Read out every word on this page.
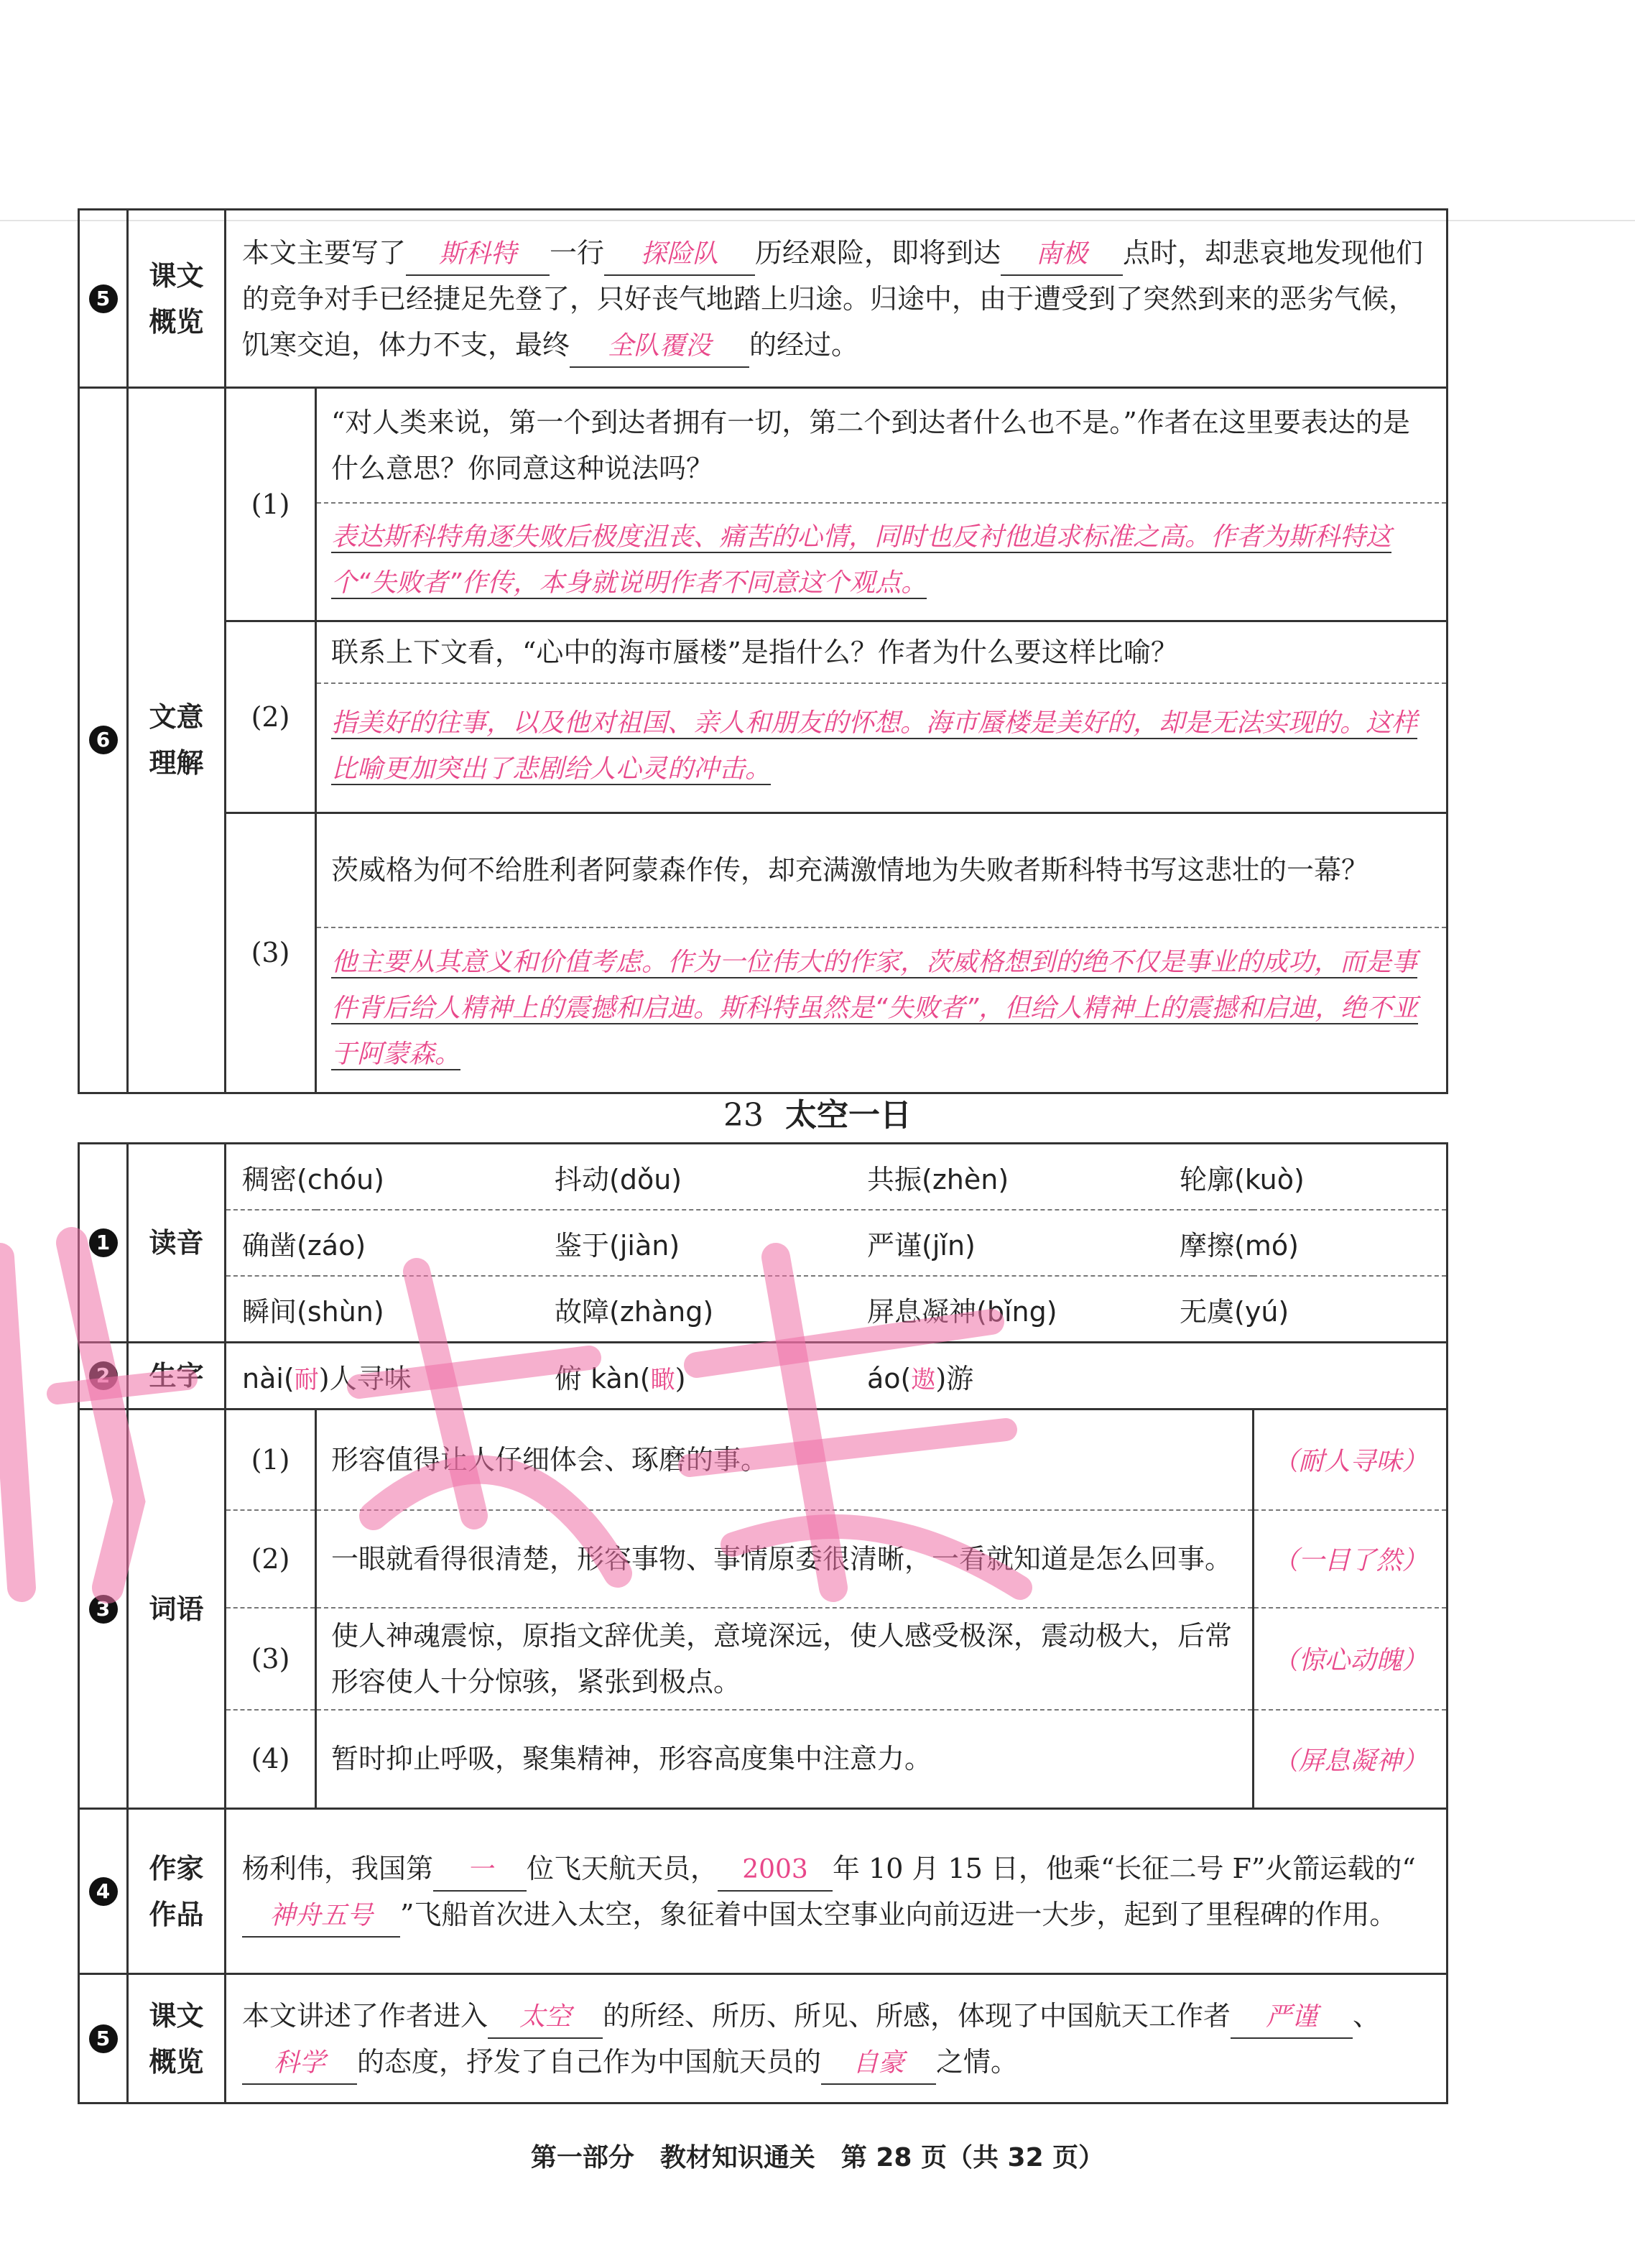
5	课文概览	本文主要写了 斯科特 一行 探险队 历经艰险，即将到达 南极 点时，却悲哀地发现他们的竞争对手已经捷足先登了，只好丧气地踏上归途。归途中，由于遭受到了突然到来的恶劣气候，饥寒交迫，体力不支，最终 全队覆没 的经过。	
6	文意理解	(1)	“对人类来说，第一个到达者拥有一切，第二个到达者什么也不是。”作者在这里要表达的是什么意思？你同意这种说法吗？
			表达斯科特角逐失败后极度沮丧、痛苦的心情，同时也反衬他追求标准之高。作者为斯科特这个“失败者”作传，本身就说明作者不同意这个观点。
		(2)	联系上下文看，“心中的海市蜃楼”是指什么？作者为什么要这样比喻？
			指美好的往事，以及他对祖国、亲人和朋友的怀想。海市蜃楼是美好的，却是无法实现的。这样比喻更加突出了悲剧给人心灵的冲击。
		(3)	茨威格为何不给胜利者阿蒙森作传，却充满激情地为失败者斯科特书写这悲壮的一幕？
			他主要从其意义和价值考虑。作为一位伟大的作家，茨威格想到的绝不仅是事业的成功，而是事件背后给人精神上的震撼和启迪。斯科特虽然是“失败者”，但给人精神上的震撼和启迪，绝不亚于阿蒙森。
23 太空一日
1	读音	稠密(chóu) 抖动(dǒu) 共振(zhèn) 轮廓(kuò)		

		确凿(záo) 鉴于(jiàn) 严谨(jǐn) 摩擦(mó)		

		瞬间(shùn) 故障(zhàng) 屏息凝神(bǐng) 无虞(yú)		

2	生字	nài(耐)人寻味 俯 kàn(瞰) áo(遨)游		

3	词语	(1)	形容值得让人仔细体会、琢磨的事。	（耐人寻味）
		(2)	一眼就看得很清楚，形容事物、事情原委很清晰，一看就知道是怎么回事。	（一目了然）
		(3)	使人神魂震惊，原指文辞优美，意境深远，使人感受极深，震动极大，后常形容使人十分惊骇，紧张到极点。	（惊心动魄）
		(4)	暂时抑止呼吸，聚集精神，形容高度集中注意力。	（屏息凝神）
4	作家作品	杨利伟，我国第 一 位飞天航天员， 2003 年 10 月 15 日，他乘“长征二号 F”火箭运载的“神舟五号 ”飞船首次进入太空，象征着中国太空事业向前迈进一大步，起到了里程碑的作用。		
5	课文概览	本文讲述了作者进入 太空 的所经、所历、所见、所感，体现了中国航天工作者 严谨 、科学 的态度，抒发了自己作为中国航天员的 自豪 之情。		
第一部分　教材知识通关　第 28 页（共 32 页）
